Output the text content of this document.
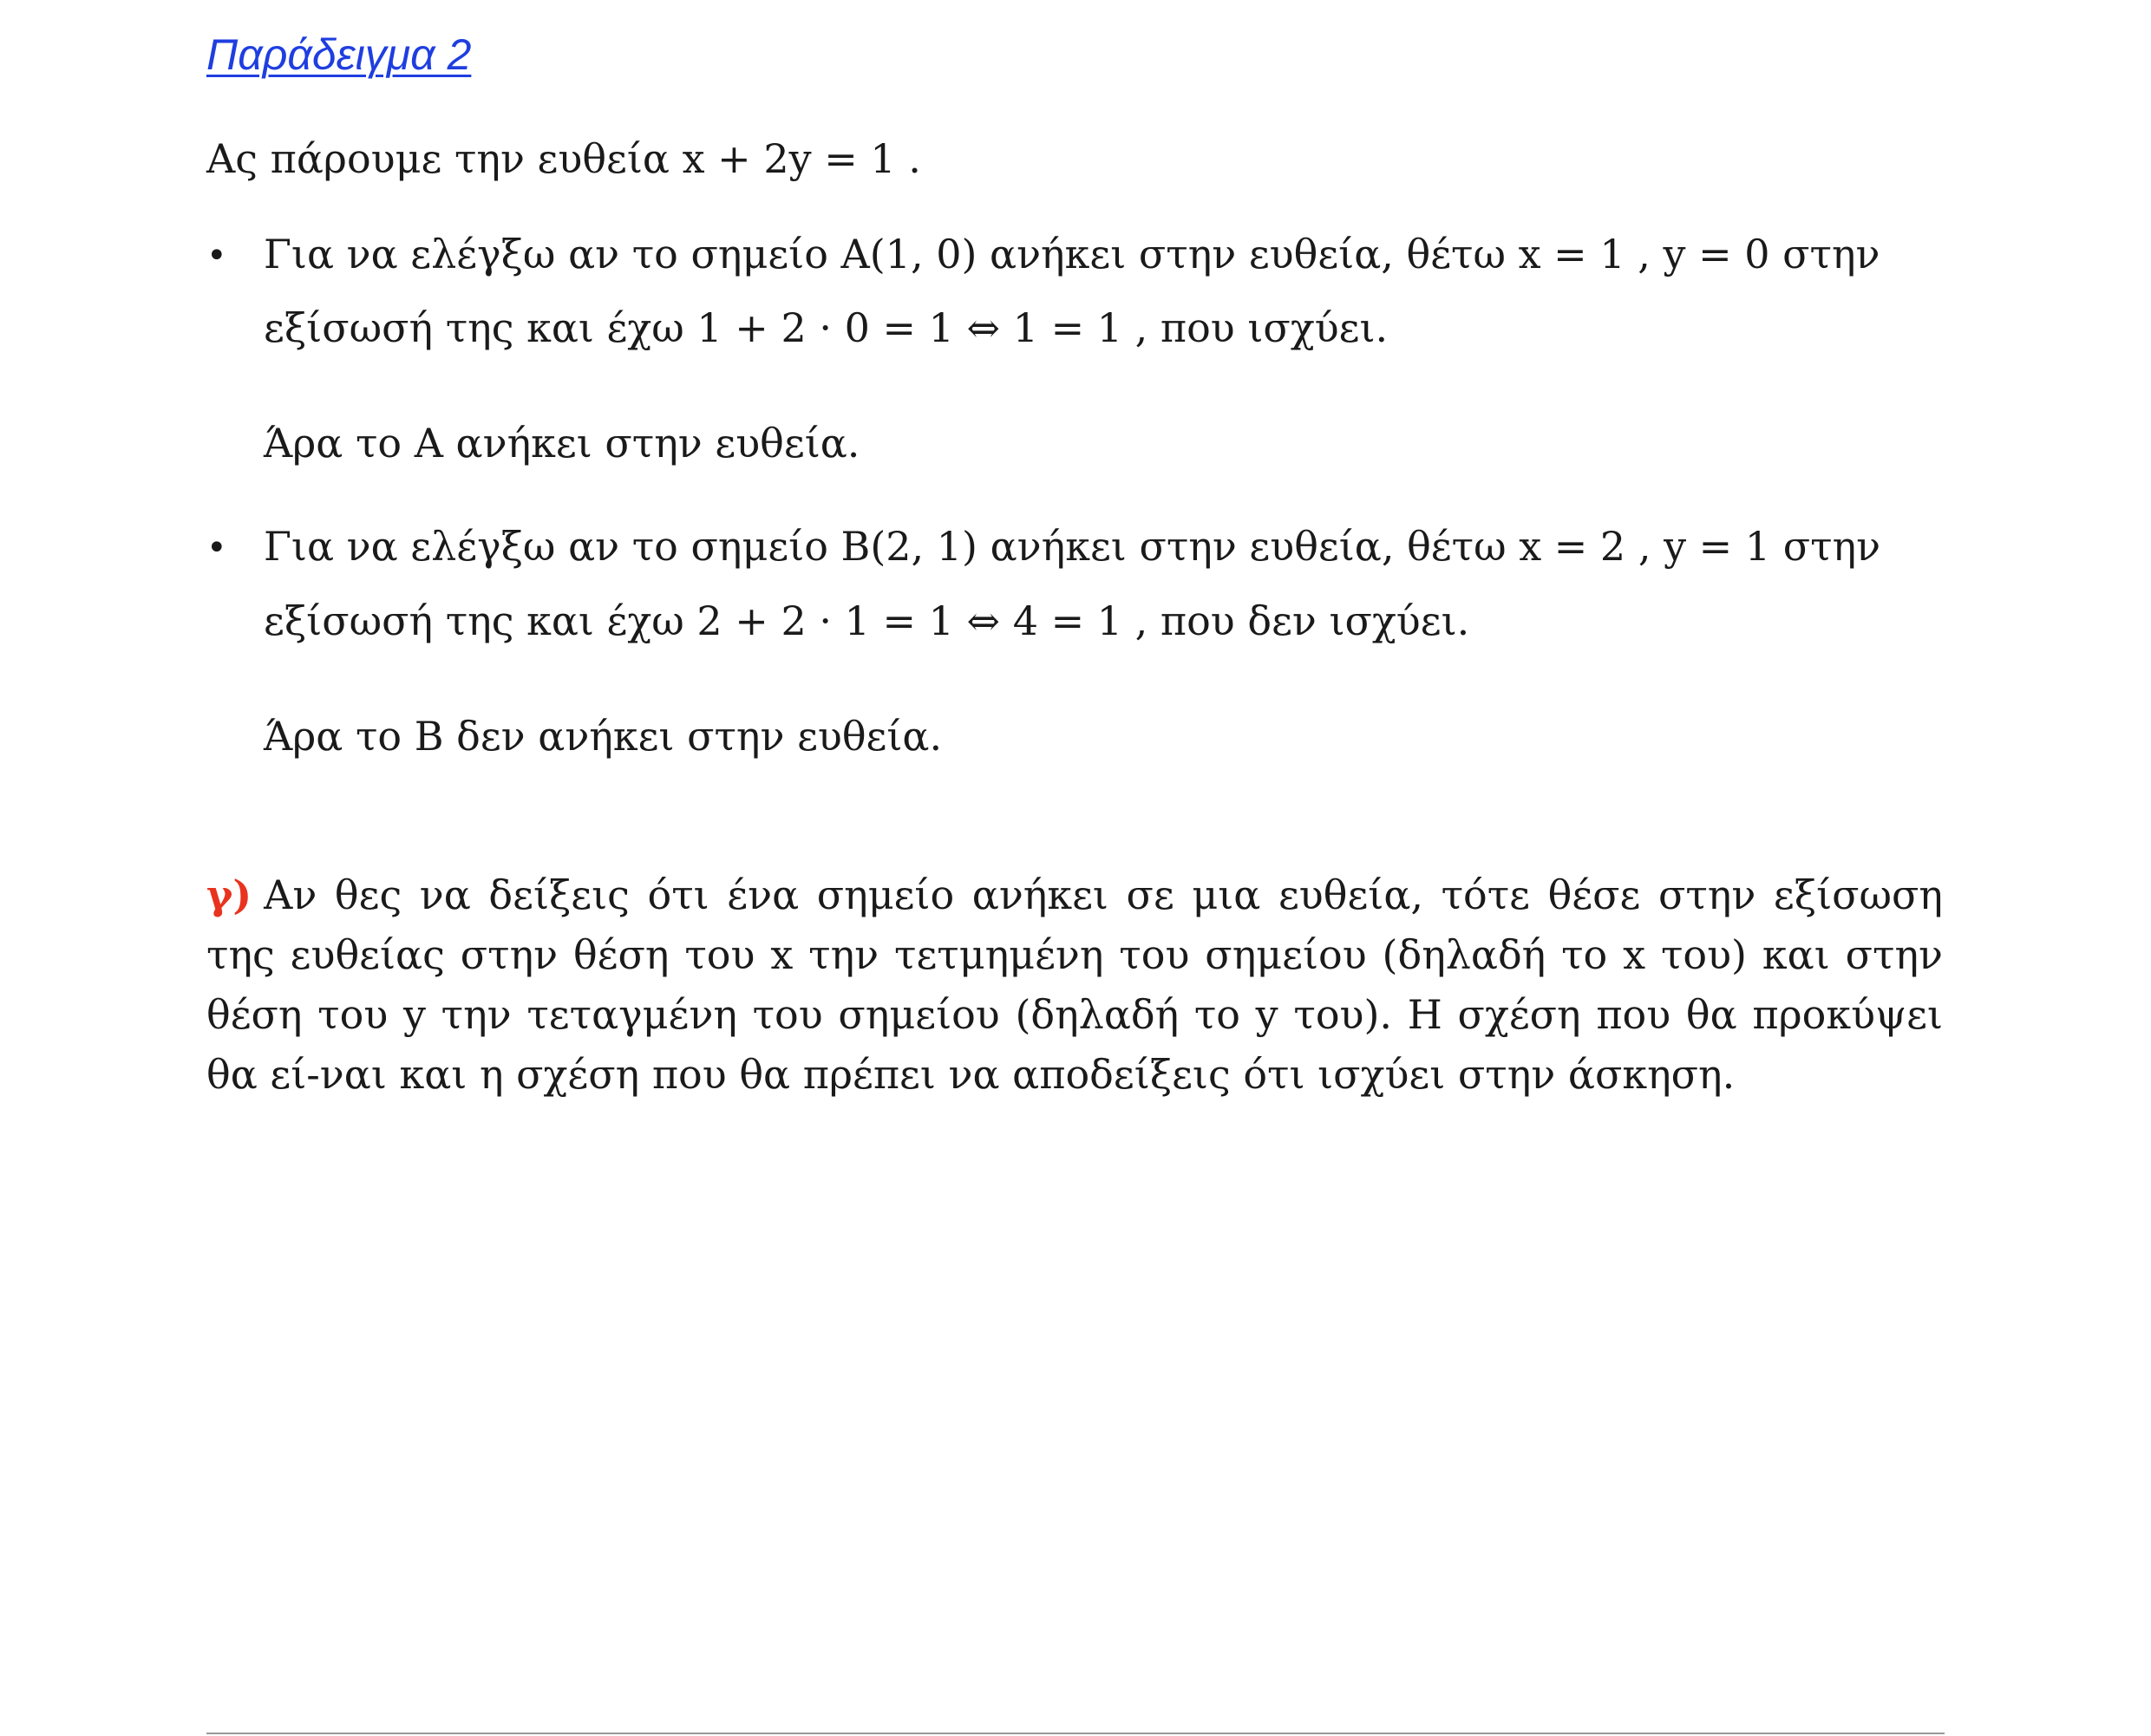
Παράδειγμα 2
Ας πάρουμε την ευθεία x + 2y = 1 .
• Για να ελέγξω αν το σημείο A(1, 0) ανήκει στην ευθεία, θέτω x = 1 , y = 0 στην
εξίσωσή της και έχω 1 + 2 · 0 = 1 ⇔ 1 = 1 , που ισχύει.
Άρα το Α ανήκει στην ευθεία.
• Για να ελέγξω αν το σημείο B(2, 1) ανήκει στην ευθεία, θέτω x = 2 , y = 1 στην
εξίσωσή της και έχω 2 + 2 · 1 = 1 ⇔ 4 = 1 , που δεν ισχύει.
Άρα το Β δεν ανήκει στην ευθεία.
γ) Αν θες να δείξεις ότι ένα σημείο ανήκει σε μια ευθεία, τότε θέσε στην εξίσωση της ευθείας στην θέση του x την τετμημένη του σημείου (δηλαδή το x του) και στην θέση του y την τεταγμένη του σημείου (δηλαδή το y του). Η σχέση που θα προκύψει θα εί-ναι και η σχέση που θα πρέπει να αποδείξεις ότι ισχύει στην άσκηση.
